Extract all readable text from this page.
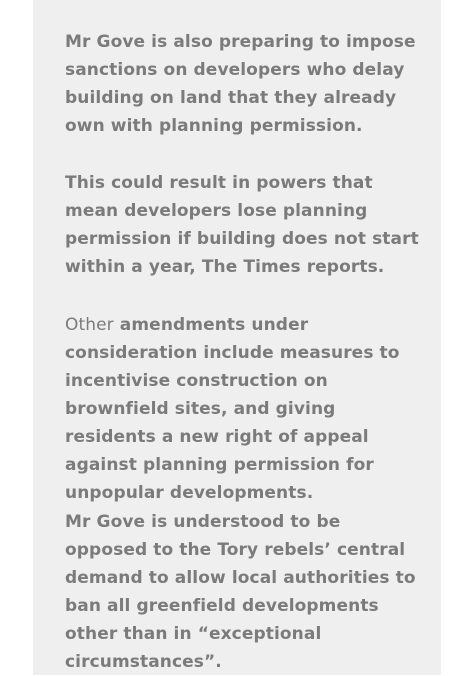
Mr Gove is also preparing to impose sanctions on developers who delay building on land that they already own with planning permission.

This could result in powers that mean developers lose planning permission if building does not start within a year, The Times reports.

Other amendments under consideration include measures to incentivise construction on brownfield sites, and giving residents a new right of appeal against planning permission for unpopular developments.

Mr Gove is understood to be opposed to the Tory rebels’ central demand to allow local authorities to ban all greenfield developments other than in “exceptional circumstances”.
